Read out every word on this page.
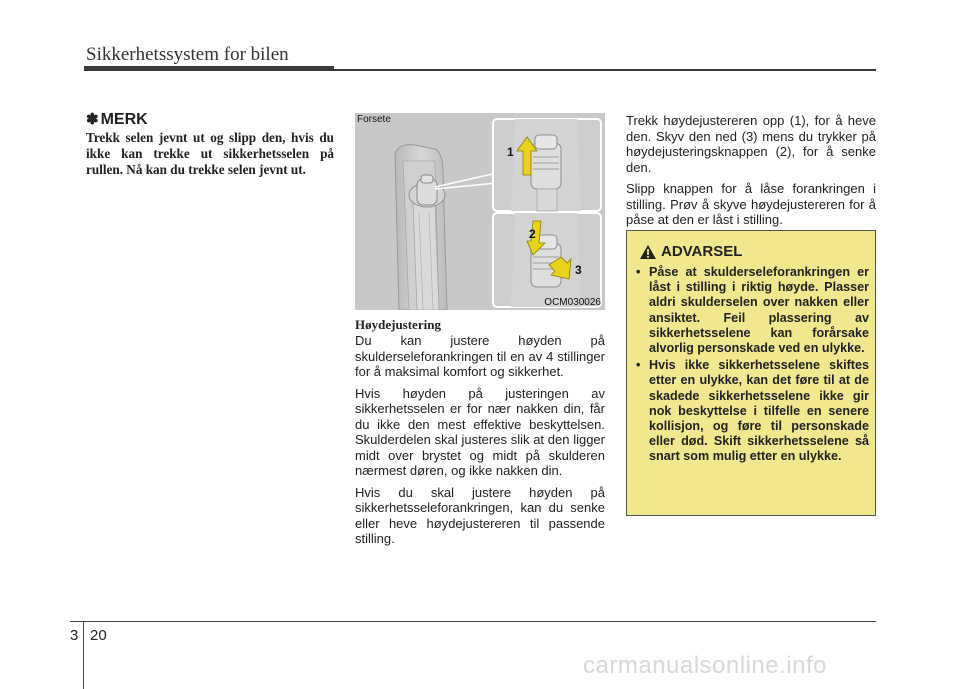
Sikkerhetssystem for bilen
✽ MERK
Trekk selen jevnt ut og slipp den, hvis du ikke kan trekke ut sikkerhetsselen på rullen. Nå kan du trekke selen jevnt ut.
Forsete
1
2
3
OCM030026
Høydejustering

Du kan justere høyden på skulderseleforankringen til en av 4 stillinger for å maksimal komfort og sikkerhet.

Hvis høyden på justeringen av sikkerhetsselen er for nær nakken din, får du ikke den mest effektive beskyttelsen. Skulderdelen skal justeres slik at den ligger midt over brystet og midt på skulderen nærmest døren, og ikke nakken din.

Hvis du skal justere høyden på sikkerhetsseleforankringen, kan du senke eller heve høydejustereren til passende stilling.

Trekk høydejustereren opp (1), for å heve den. Skyv den ned (3) mens du trykker på høydejusteringsknappen (2), for å senke den.

Slipp knappen for å låse forankringen i stilling. Prøv å skyve høydejustereren for å påse at den er låst i stilling.

ADVARSEL
• Påse at skulderseleforankringen er låst i stilling i riktig høyde. Plasser aldri skulderselen over nakken eller ansiktet. Feil plassering av sikkerhetsselene kan forårsake alvorlig personskade ved en ulykke.
• Hvis ikke sikkerhetsselene skiftes etter en ulykke, kan det føre til at de skadede sikkerhetsselene ikke gir nok beskyttelse i tilfelle en senere kollisjon, og føre til personskade eller død. Skift sikkerhetsselene så snart som mulig etter en ulykke.
3 20
carmanualsonline.info
